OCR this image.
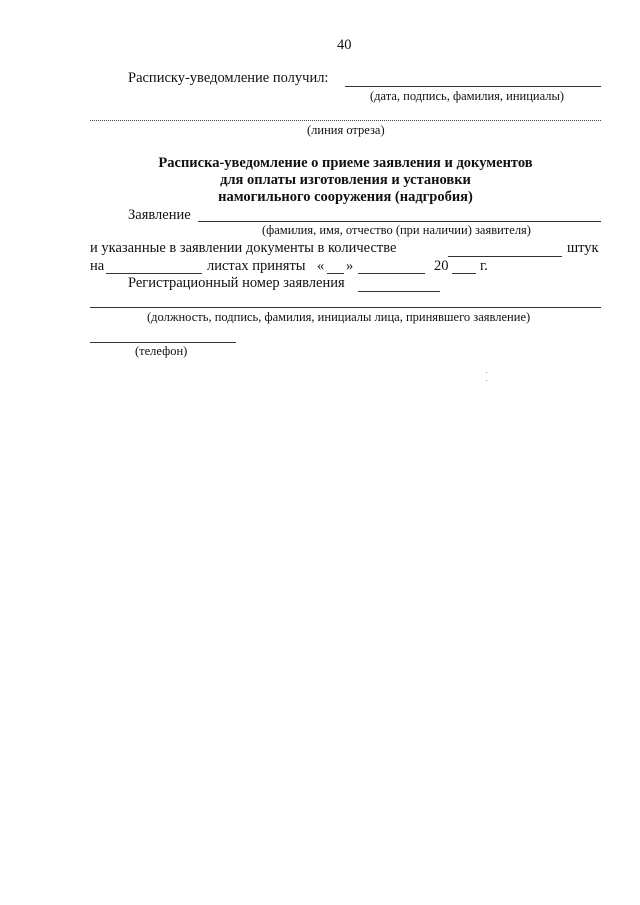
40
Расписку-уведомление получил:
(дата, подпись, фамилия, инициалы)
(линия отреза)
Расписка-уведомление о приеме заявления и документов
для оплаты изготовления и установки
намогильного сооружения (надгробия)
Заявление
(фамилия, имя, отчество (при наличии) заявителя)
и указанные в заявлении документы в количестве	штук
на	листах приняты « »	20 г.
Регистрационный номер заявления
(должность, подпись, фамилия, инициалы лица, принявшего заявление)
(телефон)
